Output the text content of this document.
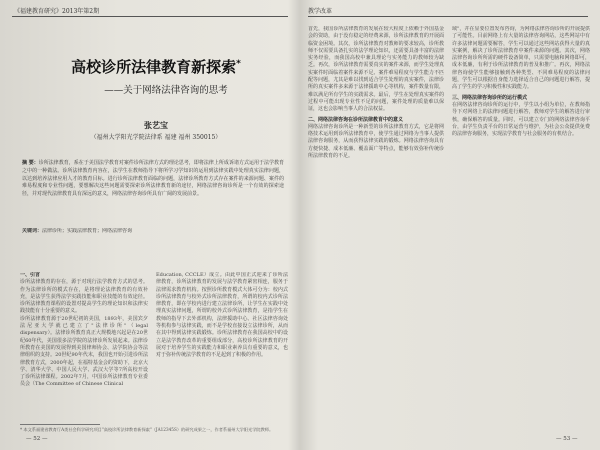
《福建教育研究》2013年第2期
高校诊所法律教育新探索*
——关于网络法律咨询的思考
张艺宝
（福州大学阳光学院法律系 福建 福州 350015）
摘 要：诊所法律教育，系在于美国法学教育对案件诊所法律方式的理论思考，即将法律上所成诉诸方式运用于法学教育之中的一种做法。诊所法律教育内容在，法学生在教师指导下将所学习学知识的运用到法律实践中处理真实法律问题，以达到培养法律应用人才的教育目标。进行诊所法律教育面临的问题，法律诊所教育方式存在案件的来源问题、案件的难易程度和专业性问题，要想解决这些问题需要探索诊所法律教育新的途径，网络法律咨询诊所是一个有效的探索途径，并对现代法律教育具有深远的意义，网络法律咨询诊所具有广阔的发展前景。
关键词：法律诊所；实践法律教育；网络法律咨询
一、引言
诊所法律教育的存在，源于对现行法学教育方式的思考。作为法律诊所的模式存在，是将理论法律教育的有效补充，是法学生获得法学实践技能和职业技能的有效途径。诊所法律教育课程的设置对提高学生的理论知识和法律实践技能有十分重要的意义。
诊所法律教育源于20世纪初的美国，1893年，美国宾夕法尼亚大学就已建立了"法律诊所"（legal dispensary）。法律诊所教育真正大规模地兴起是在20世纪60年代，美国很多法学院的法律诊所发展起来。法律诊所教育在美国的发展得到美国律师协会、法学院协会等法律组织的支持。20世纪90年代末，我国也开始引进诊所法律教育方式，2000年起，在福特基金会的资助下，北京大学、清华大学、中国人民大学、武汉大学等7所高校开设了诊所法律课程。2002年7月，中国诊所法律教育专业委员会（The Committee of Chinese Clinical
Education, CCCLE）成立。由此中国正式迎来了诊所法律教育，诊所法律教育的发展与法学教育紧密相连，服务于法律需求教育机构。按照诊所教育模式大体可分为：校内式诊所法律教育与校外式诊所法律教育，所谓的校内式诊所法律教育，即在学校内进行建立法律诊所，让学生在实践中处理真实法律问题，所谓的校外式诊所法律教育，是指学生在教师的指导下去外部机构，法律援助中心、社区法律咨询处等机构参与法律实践，而不是学校直接设立法律诊所，从而在其中得到法律实践锻炼。诊所法律教育在我国高校中的设立是法学教育改革的重要组成部分，高校诊所法律教育的开展对于培养学生的实践能力和职业素养具有重要的意义，也对于弥补传统法学教育的不足起到了积极的作用。
* 本文系福建省教育厅A类社会科学研究项目"高校诊所法律教育新探索"（JA12345S）的研究成果之一，作者系福州大学阳光学院教师。
— 52 —
教学改革
首先，我国诊所法律教育的发展在较大程度上依赖于外国基金会的资助，由于没有稳定的经费来源，诊所法律教育的开展面临资金困境。其次，诊所法律教育对教师的要求较高，诊所教师不仅需要具备扎实的法学理论知识，还需要具备丰富的法律实务经验，而我国高校中兼具理论与实务能力的教师较为缺乏。再次，诊所法律教育需要真实的案件来源，而学生处理真实案件时面临着案件来源不足、案件难易程度与学生能力不匹配等问题，尤其是难以找到适合学生处理的真实案件，法律诊所的真实案件多来源于法律援助中心等机构，案件数量有限，难以满足所有学生的实践需求。最后，学生在处理真实案件的过程中可能出现专业性不足的问题，案件处理的质量难以保证，这也会影响当事人的合法权益。
二、网络法律咨询在诊所法律教育中的意义
网络法律咨询诊所是一种新型的诊所法律教育方式，它是将网络技术运用到诊所法律教育中，使学生通过网络为当事人提供法律咨询服务，从而获得法律实践的锻炼。网络法律咨询具有方便快捷、成本低廉、覆盖面广等特点，能够有效弥补传统诊所法律教育的不足。
域"，并在显要位置发布咨询，为网络法律咨询诊所的开展提供了可能性。目前网络上有大量的法律咨询网站，这些网站中有许多法律问题需要解答，学生可以通过这些网站获得大量的真实案例，解决了诊所法律教育中案件来源的问题。其次，网络法律咨询诊所所需的硬件设备简单，只需要电脑和网络即可，成本低廉，有利于诊所法律教育的普及和推广。再次，网络法律咨询使学生能够接触到各种类型、不同难易程度的法律问题，学生可以根据自身能力选择适合自己的问题进行解答，提高了学生的学习积极性和实践能力。
三、网络法律咨询诊所的运行模式
在网络法律咨询诊所的运行中，学生以小组为单位，在教师指导下对网络上的法律问题进行解答，教师对学生的解答进行审核，确保解答的质量。同时，可以建立专门的网络法律咨询平台，由学生负责平台的日常运营与维护，为社会公众提供免费的法律咨询服务，实现法学教育与社会服务的有机结合。
— 53 —
